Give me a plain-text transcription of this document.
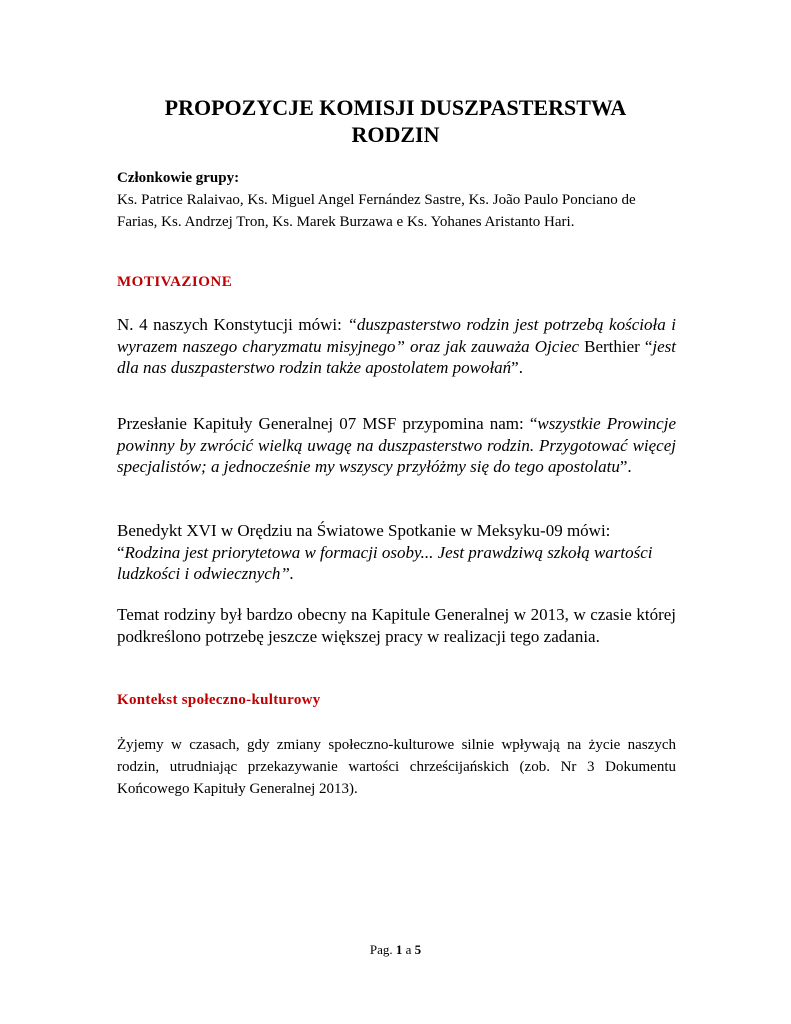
PROPOZYCJE KOMISJI DUSZPASTERSTWA
RODZIN

Członkowie grupy:

Ks. Patrice Ralaivao, Ks. Miguel Angel Fernández Sastre, Ks. João Paulo Ponciano de Farias, Ks. Andrzej Tron, Ks. Marek Burzawa e Ks. Yohanes Aristanto Hari.

MOTIVAZIONE

N. 4 naszych Konstytucji mówi: “duszpasterstwo rodzin jest potrzebą kościoła i wyrazem naszego charyzmatu misyjnego” oraz jak zauważa Ojciec Berthier “jest dla nas duszpasterstwo rodzin także apostolatem powołań”.

Przesłanie Kapituły Generalnej 07 MSF przypomina nam: “wszystkie Prowincje powinny by zwrócić wielką uwagę na duszpasterstwo rodzin. Przygotować więcej specjalistów; a jednocześnie my wszyscy przyłóżmy się do tego apostolatu”.

Benedykt XVI w Orędziu na Światowe Spotkanie w Meksyku-09 mówi: “Rodzina jest priorytetowa w formacji osoby... Jest prawdziwą szkołą wartości ludzkości i odwiecznych”.

Temat rodziny był bardzo obecny na Kapitule Generalnej w 2013, w czasie której podkreślono potrzebę jeszcze większej pracy w realizacji tego zadania.

Kontekst społeczno-kulturowy

Żyjemy w czasach, gdy zmiany społeczno-kulturowe silnie wpływają na życie naszych rodzin, utrudniając przekazywanie wartości chrześcijańskich (zob. Nr 3 Dokumentu Końcowego Kapituły Generalnej 2013).

Pag. 1 a 5
